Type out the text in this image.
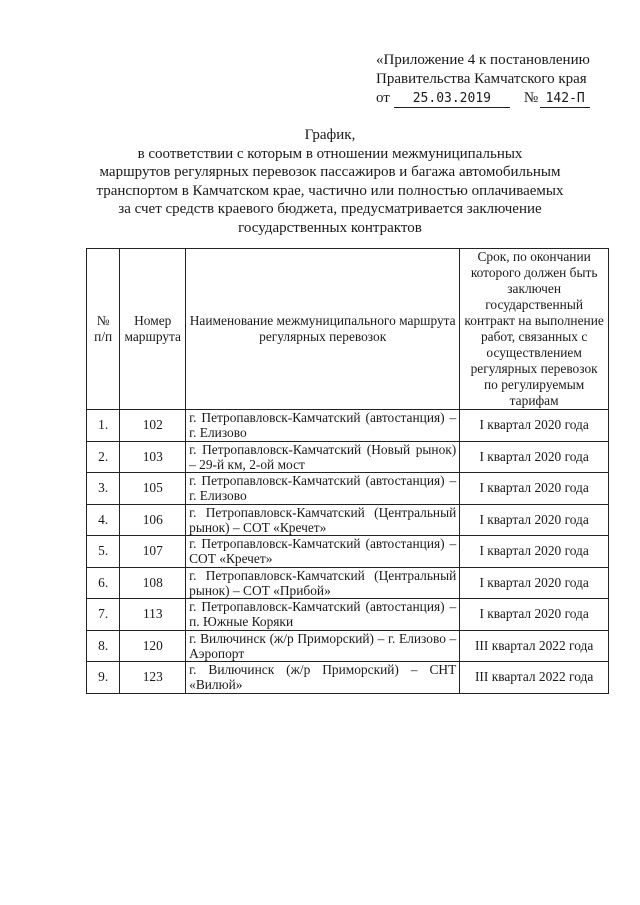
«Приложение 4 к постановлению
Правительства Камчатского края
от 25.03.2019 № 142-П
График,
в соответствии с которым в отношении межмуниципальных
маршрутов регулярных перевозок пассажиров и багажа автомобильным
транспортом в Камчатском крае, частично или полностью оплачиваемых
за счет средств краевого бюджета, предусматривается заключение
государственных контрактов
№ п/п	Номер маршрута	Наименование межмуниципального маршрута регулярных перевозок	Срок, по окончании которого должен быть заключен государственный контракт на выполнение работ, связанных с осуществлением регулярных перевозок по регулируемым тарифам
1.	102	г. Петропавловск-Камчатский (автостанция) – г. Елизово	I квартал 2020 года
2.	103	г. Петропавловск-Камчатский (Новый рынок) – 29-й км, 2-ой мост	I квартал 2020 года
3.	105	г. Петропавловск-Камчатский (автостанция) – г. Елизово	I квартал 2020 года
4.	106	г. Петропавловск-Камчатский (Центральный рынок) – СОТ «Кречет»	I квартал 2020 года
5.	107	г. Петропавловск-Камчатский (автостанция) – СОТ «Кречет»	I квартал 2020 года
6.	108	г. Петропавловск-Камчатский (Центральный рынок) – СОТ «Прибой»	I квартал 2020 года
7.	113	г. Петропавловск-Камчатский (автостанция) – п. Южные Коряки	I квартал 2020 года
8.	120	г. Вилючинск (ж/р Приморский) – г. Елизово – Аэропорт	III квартал 2022 года
9.	123	г. Вилючинск (ж/р Приморский) – СНТ «Вилюй»	III квартал 2022 года
